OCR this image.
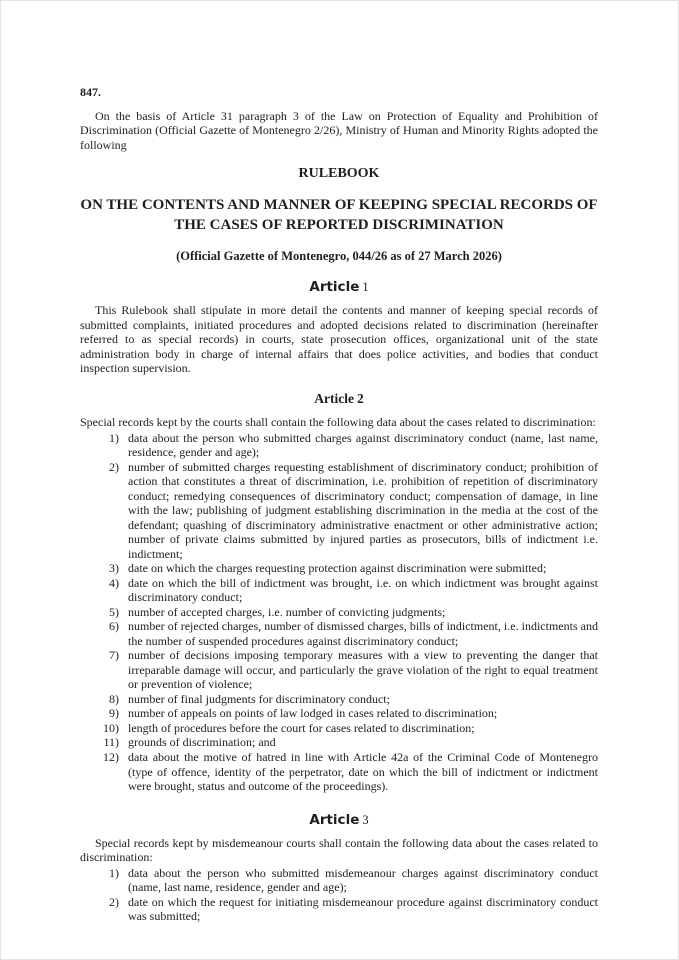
847.

On the basis of Article 31 paragraph 3 of the Law on Protection of Equality and Prohibition of Discrimination (Official Gazette of Montenegro 2/26), Ministry of Human and Minority Rights adopted the following

RULEBOOK
ON THE CONTENTS AND MANNER OF KEEPING SPECIAL RECORDS OF
THE CASES OF REPORTED DISCRIMINATION
(Official Gazette of Montenegro, 044/26 as of 27 March 2026)
Article 1

This Rulebook shall stipulate in more detail the contents and manner of keeping special records of submitted complaints, initiated procedures and adopted decisions related to discrimination (hereinafter referred to as special records) in courts, state prosecution offices, organizational unit of the state administration body in charge of internal affairs that does police activities, and bodies that conduct inspection supervision.

Article 2

Special records kept by the courts shall contain the following data about the cases related to discrimination:

1) data about the person who submitted charges against discriminatory conduct (name, last name, residence, gender and age);
2) number of submitted charges requesting establishment of discriminatory conduct; prohibition of action that constitutes a threat of discrimination, i.e. prohibition of repetition of discriminatory conduct; remedying consequences of discriminatory conduct; compensation of damage, in line with the law; publishing of judgment establishing discrimination in the media at the cost of the defendant; quashing of discriminatory administrative enactment or other administrative action; number of private claims submitted by injured parties as prosecutors, bills of indictment i.e. indictment;
3) date on which the charges requesting protection against discrimination were submitted;
4) date on which the bill of indictment was brought, i.e. on which indictment was brought against discriminatory conduct;
5) number of accepted charges, i.e. number of convicting judgments;
6) number of rejected charges, number of dismissed charges, bills of indictment, i.e. indictments and the number of suspended procedures against discriminatory conduct;
7) number of decisions imposing temporary measures with a view to preventing the danger that irreparable damage will occur, and particularly the grave violation of the right to equal treatment or prevention of violence;
8) number of final judgments for discriminatory conduct;
9) number of appeals on points of law lodged in cases related to discrimination;
10) length of procedures before the court for cases related to discrimination;
11) grounds of discrimination; and
12) data about the motive of hatred in line with Article 42a of the Criminal Code of Montenegro (type of offence, identity of the perpetrator, date on which the bill of indictment or indictment were brought, status and outcome of the proceedings).
Article 3

Special records kept by misdemeanour courts shall contain the following data about the cases related to discrimination:

1) data about the person who submitted misdemeanour charges against discriminatory conduct (name, last name, residence, gender and age);
2) date on which the request for initiating misdemeanour procedure against discriminatory conduct was submitted;
